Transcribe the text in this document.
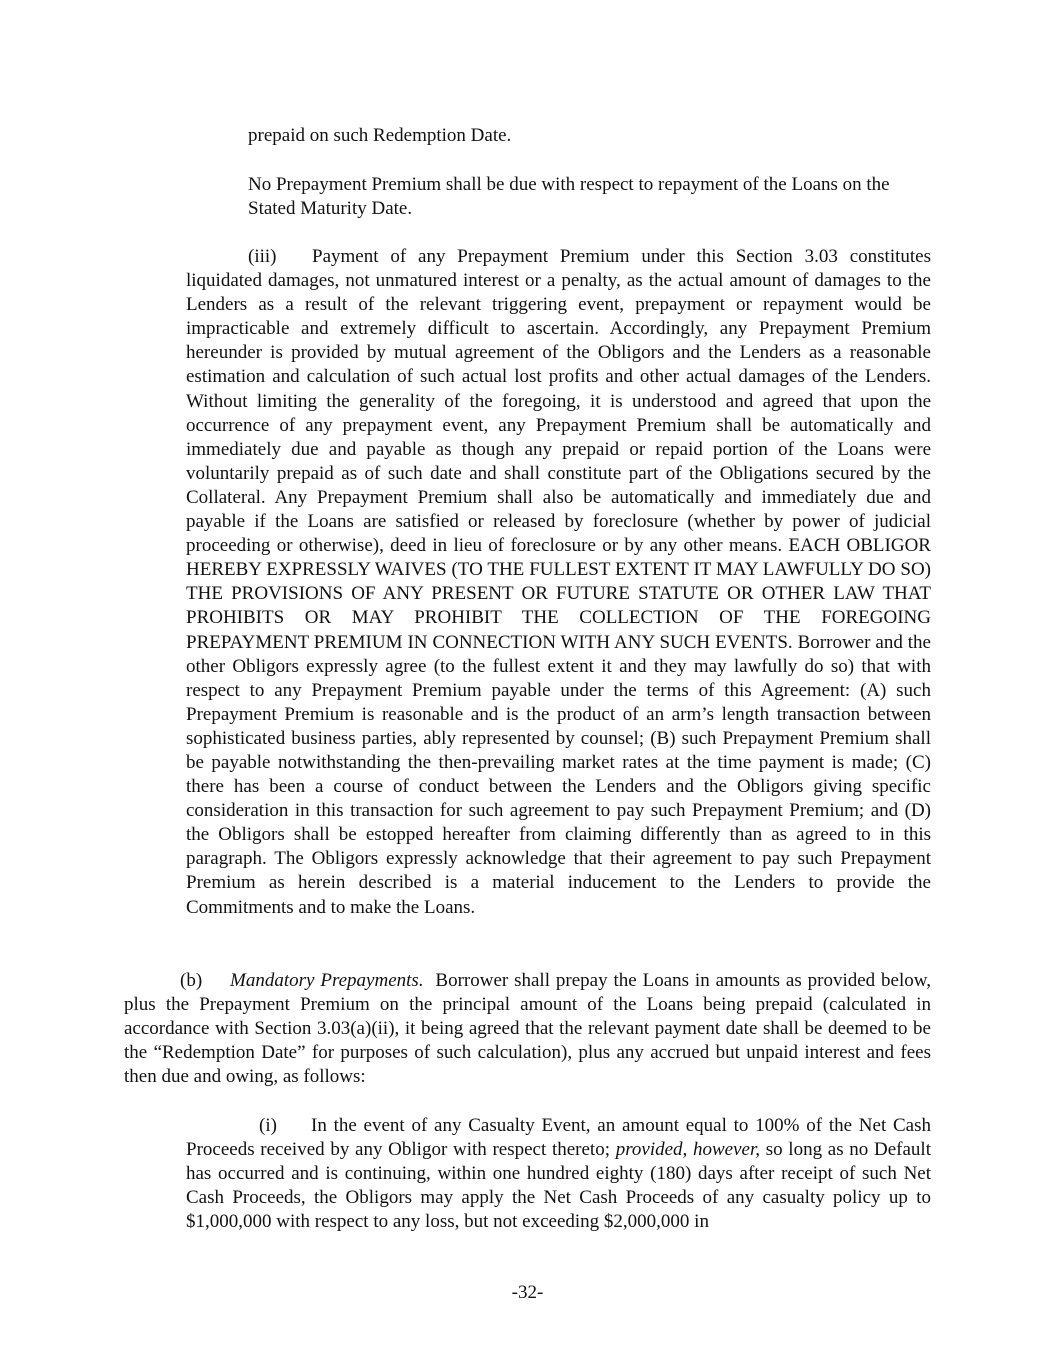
prepaid on such Redemption Date.

No Prepayment Premium shall be due with respect to repayment of the Loans on the Stated Maturity Date.

(iii) Payment of any Prepayment Premium under this Section 3.03 constitutes liquidated damages, not unmatured interest or a penalty, as the actual amount of damages to the Lenders as a result of the relevant triggering event, prepayment or repayment would be impracticable and extremely difficult to ascertain. Accordingly, any Prepayment Premium hereunder is provided by mutual agreement of the Obligors and the Lenders as a reasonable estimation and calculation of such actual lost profits and other actual damages of the Lenders. Without limiting the generality of the foregoing, it is understood and agreed that upon the occurrence of any prepayment event, any Prepayment Premium shall be automatically and immediately due and payable as though any prepaid or repaid portion of the Loans were voluntarily prepaid as of such date and shall constitute part of the Obligations secured by the Collateral. Any Prepayment Premium shall also be automatically and immediately due and payable if the Loans are satisfied or released by foreclosure (whether by power of judicial proceeding or otherwise), deed in lieu of foreclosure or by any other means. EACH OBLIGOR HEREBY EXPRESSLY WAIVES (TO THE FULLEST EXTENT IT MAY LAWFULLY DO SO) THE PROVISIONS OF ANY PRESENT OR FUTURE STATUTE OR OTHER LAW THAT PROHIBITS OR MAY PROHIBIT THE COLLECTION OF THE FOREGOING PREPAYMENT PREMIUM IN CONNECTION WITH ANY SUCH EVENTS. Borrower and the other Obligors expressly agree (to the fullest extent it and they may lawfully do so) that with respect to any Prepayment Premium payable under the terms of this Agreement: (A) such Prepayment Premium is reasonable and is the product of an arm’s length transaction between sophisticated business parties, ably represented by counsel; (B) such Prepayment Premium shall be payable notwithstanding the then-prevailing market rates at the time payment is made; (C) there has been a course of conduct between the Lenders and the Obligors giving specific consideration in this transaction for such agreement to pay such Prepayment Premium; and (D) the Obligors shall be estopped hereafter from claiming differently than as agreed to in this paragraph. The Obligors expressly acknowledge that their agreement to pay such Prepayment Premium as herein described is a material inducement to the Lenders to provide the Commitments and to make the Loans.

(b) Mandatory Prepayments. Borrower shall prepay the Loans in amounts as provided below, plus the Prepayment Premium on the principal amount of the Loans being prepaid (calculated in accordance with Section 3.03(a)(ii), it being agreed that the relevant payment date shall be deemed to be the “Redemption Date” for purposes of such calculation), plus any accrued but unpaid interest and fees then due and owing, as follows:

(i) In the event of any Casualty Event, an amount equal to 100% of the Net Cash Proceeds received by any Obligor with respect thereto; provided, however, so long as no Default has occurred and is continuing, within one hundred eighty (180) days after receipt of such Net Cash Proceeds, the Obligors may apply the Net Cash Proceeds of any casualty policy up to $1,000,000 with respect to any loss, but not exceeding $2,000,000 in

-32-
